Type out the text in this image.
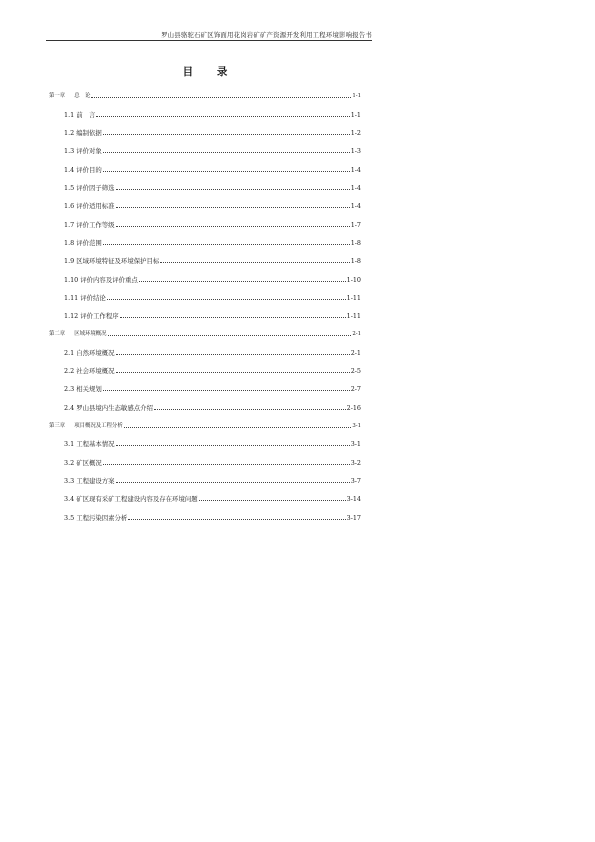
罗山县骆驼石矿区饰面用花岗岩矿矿产资源开发利用工程环境影响报告书
目 录
第一章 总　论	1-1
1.1 前　言	1-1
1.2 编制依据	1-2
1.3 评价对象	1-3
1.4 评价目的	1-4
1.5 评价因子筛选	1-4
1.6 评价适用标准	1-4
1.7 评价工作等级	1-7
1.8 评价范围	1-8
1.9 区域环境特征及环境保护目标	1-8
1.10 评价内容及评价重点	1-10
1.11 评价结论	1-11
1.12 评价工作程序	1-11
第二章 区域环境概况	2-1
2.1 自然环境概况	2-1
2.2 社会环境概况	2-5
2.3 相关规划	2-7
2.4 罗山县境内生态敏感点介绍	2-16
第三章 项目概况及工程分析	3-1
3.1 工程基本情况	3-1
3.2 矿区概况	3-2
3.3 工程建设方案	3-7
3.4 矿区现有采矿工程建设内容及存在环境问题	3-14
3.5 工程污染因素分析	3-17
